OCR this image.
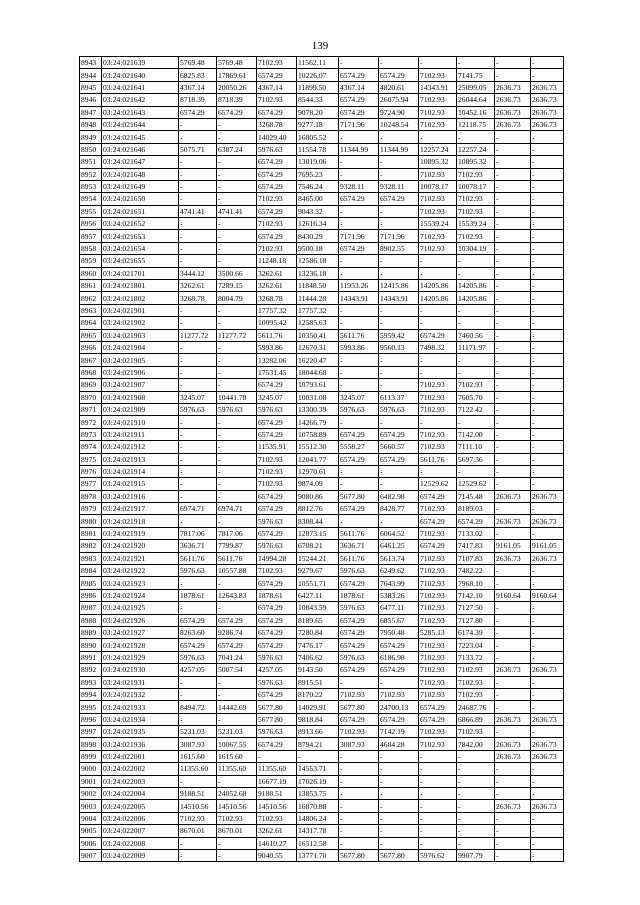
139
8943	03:24:021639	5769.48	5769.48	7102.93	11562.11	-	-	-	-	-	-
8944	03:24:021640	6825.83	17869.61	6574.29	10226.07	6574.29	6574.29	7102.93	7141.75	-	-
8945	03:24:021641	4367.14	20050.26	4367.14	11899.50	4367.14	4820.61	14343.91	25099.05	2636.73	2636.73
8946	03:24:021642	8718.39	8718.39	7102.93	8544.33	6574.29	26075.94	7102.93	26044.64	2636.73	2636.73
8947	03:24:021643	6574.29	6574.29	6574.29	9078.20	6574.29	9724.90	7102.93	10452.16	2636.73	2636.73
8948	03:24:021644	-	-	3268.78	9277.18	7171.96	10248.54	7102.93	12118.75	2636.73	2636.73
8949	03:24:021645	-	-	14029.40	16805.52	-	-	-	-	-	-
8950	03:24:021646	5075.71	6387.24	5976.63	11554.78	11344.99	11344.99	12257.24	12257.24	-	-
8951	03:24:021647	-	-	6574.29	13019.06	-	-	10895.32	10895.32	-	-
8952	03:24:021648	-	-	6574.29	7695.23	-	-	7102.93	7102.93	-	-
8953	03:24:021649	-	-	6574.29	7546.24	9328.11	9328.11	10078.17	10078.17	-	-
8954	03:24:021650	-	-	7102.93	8465.00	6574.29	6574.29	7102.93	7102.93	-	-
8955	03:24:021651	4741.41	4741.41	6574.29	9043.32	-	-	7102.93	7102.93	-	-
8956	03:24:021652	-	-	7102.93	12616.34	-	-	15539.24	15539.24	-	-
8957	03:24:021653	-	-	6574.29	8430.29	7171.96	7171.96	7102.93	7102.93	-	-
8958	03:24:021654	-	-	7102.93	9500.18	6574.29	8902.55	7102.93	10304.19	-	-
8959	03:24:021655	-	-	11248.18	12586.18	-	-	-	-	-	-
8960	03:24:021701	3444.12	3500.66	3262.61	13236.18	-	-	-	-	-	-
8961	03:24:021801	3262.61	7289.15	3262.61	11848.50	11953.26	12415.86	14205.86	14205.86	-	-
8962	03:24:021802	3268.78	8004.79	3268.78	11444.28	14343.91	14343.91	14205.86	14205.86	-	-
8963	03:24:021901	-	-	17757.32	17757.32	-	-	-	-	-	-
8964	03:24:021902	-	-	10095.42	12585.63	-	-	-	-	-	-
8965	03:24:021903	11277.72	11277.72	5611.76	10350.41	5611.76	5959.42	6574.29	7460.56	-	-
8966	03:24:021904	-	-	5993.86	12670.31	5993.86	9560.13	7498.32	11171.97	-	-
8967	03:24:021905	-	-	13282.06	16220.47	-	-	-	-	-	-
8968	03:24:021906	-	-	17531.45	18044.68	-	-	-	-	-	-
8969	03:24:021907	-	-	6574.29	10793.61	-	-	7102.93	7102.93	-	-
8970	03:24:021908	3245.07	10441.78	3245.07	10031.08	3245.07	6113.37	7102.93	7605.70	-	-
8971	03:24:021909	5976.63	5976.63	5976.63	13300.39	5976.63	5976.63	7102.93	7122.42	-	-
8972	03:24:021910	-	-	6574.29	14266.79	-	-	-	-	-	-
8973	03:24:021911	-	-	6574.29	10758.89	6574.29	6574.29	7102.93	7142.00	-	-
8974	03:24:021912	-	-	11535.91	15512.30	5558.27	5660.57	7102.93	7111.10	-	-
8975	03:24:021913	-	-	7102.93	12041.77	6574.29	6574.29	5611.76	5697.36	-	-
8976	03:24:021914	-	-	7102.93	12970.61	-	-	-	-	-	-
8977	03:24:021915	-	-	7102.93	9874.09	-	-	12529.62	12529.62	-	-
8978	03:24:021916	-	-	6574.29	9080.86	5677.80	6482.98	6574.29	7145.48	2636.73	2636.73
8979	03:24:021917	6974.71	6974.71	6574.29	8812.76	6574.29	8428.77	7102.93	8189.03	-	-
8980	03:24:021918	-	-	5976.63	8308.44	-	-	6574.29	6574.29	2636.73	2636.73
8981	03:24:021919	7817.06	7817.06	6574.29	12873.15	5611.76	6064.52	7102.93	7133.02	-	-
8982	03:24:021920	3636.71	7799.87	5976.63	6708.21	3636.71	6461.25	6574.29	7417.83	9161.05	9161.05
8983	03:24:021921	5611.76	5611.76	14994.28	15244.21	5611.76	5613.74	7102.93	7107.83	2636.73	2636.73
8984	03:24:021922	5976.63	10557.88	7102.93	9279.67	5976.63	6249.62	7102.93	7482.22	-	-
8985	03:24:021923	-	-	6574.29	10551.71	6574.29	7643.99	7102.93	7968.10	-	-
8986	03:24:021924	1878.61	12643.83	1878.61	6427.11	1878.61	5383.26	7102.93	7142.10	9160.64	9160.64
8987	03:24:021925	-	-	6574.29	10843.59	5976.63	6477.11	7102.93	7127.50	-	-
8988	03:24:021926	6574.29	6574.29	6574.29	8189.65	6574.29	6855.67	7102.93	7127.80	-	-
8989	03:24:021927	8263.60	9286.74	6574.29	7280.84	6574.29	7950.48	5285.13	6174.39	-	-
8990	03:24:021928	6574.29	6574.29	6574.29	7476.17	6574.29	6574.29	7102.93	7223.04	-	-
8991	03:24:021929	5976.63	7041.24	5976.63	7406.62	5976.63	6186.98	7102.93	7133.72	-	-
8992	03:24:021930	4257.05	5007.54	4257.05	9143.50	6574.29	6574.29	7102.93	7102.93	2636.73	2636.73
8993	03:24:021931	-	-	5976.63	8915.51	-	-	7102.93	7102.93	-	-
8994	03:24:021932	-	-	6574.29	8170.22	7102.93	7102.93	7102.93	7102.93	-	-
8995	03:24:021933	8494.72	14442.69	5677.80	14029.91	5677.80	24700.13	6574.29	24687.76	-	-
8996	03:24:021934	-	-	5677.80	9818.84	6574.29	6574.29	6574.29	6866.89	2636.73	2636.73
8997	03:24:021935	5231.03	5231.03	5976.63	8913.66	7102.93	7142.19	7102.93	7102.93	-	-
8998	03:24:021936	3087.93	10067.55	6574.29	8794.21	3087.93	4684.28	7102.93	7842.00	2636.73	2636.73
8999	03:24:022001	1615.60	1615.60	-	-	-	-	-	-	2636.73	2636.73
9000	03:24:022002	11355.60	11355.60	11355.60	14553.71	-	-	-	-	-	-
9001	03:24:022003	-	-	16677.19	17026.19	-	-	-	-	-	-
9002	03:24:022004	9188.51	24052.68	9188.51	13853.75	-	-	-	-	-	-
9003	03:24:022005	14510.56	14510.56	14510.56	16870.88	-	-	-	-	2636.73	2636.73
9004	03:24:022006	7102.93	7102.93	7102.93	14806.24	-	-	-	-	-	-
9005	03:24:022007	8670.01	8670.01	3262.61	14317.78	-	-	-	-	-	-
9006	03:24:022008	-	-	14610.27	16512.58	-	-	-	-	-	-
9007	03:24:022009	-	-	9040.55	13771.70	5677.80	5677.80	5976.62	9907.79	-	-
